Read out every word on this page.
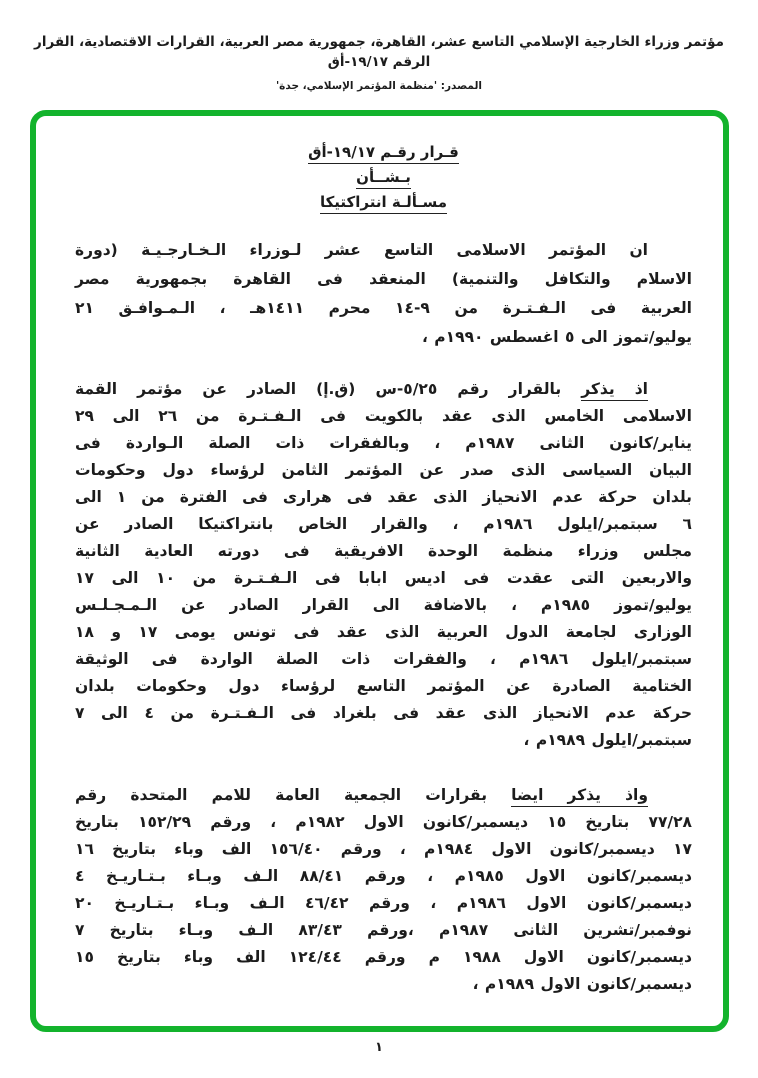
مؤتمر وزراء الخارجية الإسلامي التاسع عشر، القاهرة، جمهورية مصر العربية، القرارات الاقتصادية، القرار الرقم ١٩/١٧-أق
المصدر: 'منظمة المؤتمر الإسلامي، جدة'
قـرار رقـم ١٩/١٧-أق
بـشــأن
مسـألـة انتراكتيكا
ان المؤتمر الاسلامى التاسع عشر لـوزراء الـخـارجـيـة (دورة
الاسلام والتكافل والتنمية) المنعقد فى القاهرة بجمهورية مصر
العربية فى الـفـتـرة من ٩-١٤ محرم ١٤١١هـ ، الـمـوافـق ٢١
يوليو/تموز الى ٥ اغسطس ١٩٩٠م ،
اذ يذكر بالقرار رقم ٥/٢٥-س (ق.إ) الصادر عن مؤتمر القمة
الاسلامى الخامس الذى عقد بالكويت فى الـفـتـرة من ٢٦ الى ٢٩
يناير/كانون الثانى ١٩٨٧م ، وبالفقرات ذات الصلة الـواردة فى
البيان السياسى الذى صدر عن المؤتمر الثامن لرؤساء دول وحكومات
بلدان حركة عدم الانحياز الذى عقد فى هرارى فى الفترة من ١ الى
٦ سبتمبر/ايلول ١٩٨٦م ، والقرار الخاص بانتراكتيكا الصادر عن
مجلس وزراء منظمة الوحدة الافريقية فى دورته العادية الثانية
والاربعين التى عقدت فى اديس ابابا فى الـفـتـرة من ١٠ الى ١٧
يوليو/تموز ١٩٨٥م ، بالاضافة الى القرار الصادر عن الـمـجـلـس
الوزارى لجامعة الدول العربية الذى عقد فى تونس يومى ١٧ و ١٨
سبتمبر/ايلول ١٩٨٦م ، والفقرات ذات الصلة الواردة فى الوثيقة
الختامية الصادرة عن المؤتمر التاسع لرؤساء دول وحكومات بلدان
حركة عدم الانحياز الذى عقد فى بلغراد فى الـفـتـرة من ٤ الى ٧
سبتمبر/ايلول ١٩٨٩م ،
واذ يذكر ايضا بقرارات الجمعية العامة للامم المتحدة رقم
٧٧/٢٨ بتاريخ ١٥ ديسمبر/كانون الاول ١٩٨٢م ، ورقم ١٥٢/٢٩ بتاريخ
١٧ ديسمبر/كانون الاول ١٩٨٤م ، ورقم ١٥٦/٤٠ الف وباء بتاريخ ١٦
ديسمبر/كانون الاول ١٩٨٥م ، ورقم ٨٨/٤١ الـف وبـاء بـتـاريـخ ٤
ديسمبر/كانون الاول ١٩٨٦م ، ورقم ٤٦/٤٢ الـف وبـاء بـتـاريـخ ٢٠
نوفمبر/تشرين الثانى ١٩٨٧م ،ورقم ٨٣/٤٣ الـف وبـاء بتاريخ ٧
ديسمبر/كانون الاول ١٩٨٨ م ورقم ١٢٤/٤٤ الف وباء بتاريخ ١٥
ديسمبر/كانون الاول ١٩٨٩م ،
١
